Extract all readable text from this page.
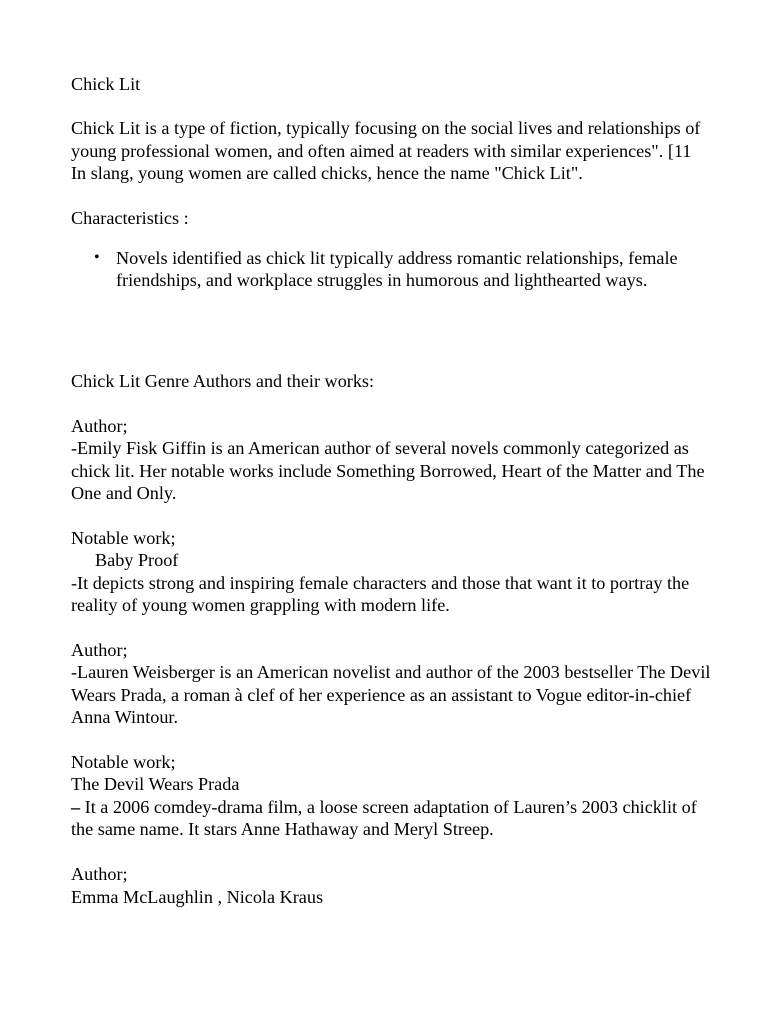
Chick Lit

Chick Lit is a type of fiction, typically focusing on the social lives and relationships of young professional women, and often aimed at readers with similar experiences". [11 In slang, young women are called chicks, hence the name "Chick Lit".

Characteristics :

• Novels identified as chick lit typically address romantic relationships, female friendships, and workplace struggles in humorous and lighthearted ways.

Chick Lit Genre Authors and their works:

Author;

-Emily Fisk Giffin is an American author of several novels commonly categorized as chick lit. Her notable works include Something Borrowed, Heart of the Matter and The One and Only.

Notable work;

Baby Proof

-It depicts strong and inspiring female characters and those that want it to portray the reality of young women grappling with modern life.

Author;

-Lauren Weisberger is an American novelist and author of the 2003 bestseller The Devil Wears Prada, a roman à clef of her experience as an assistant to Vogue editor-in-chief Anna Wintour.

Notable work;

The Devil Wears Prada

– It a 2006 comdey-drama film, a loose screen adaptation of Lauren’s 2003 chicklit of the same name. It stars Anne Hathaway and Meryl Streep.

Author;

Emma McLaughlin , Nicola Kraus
